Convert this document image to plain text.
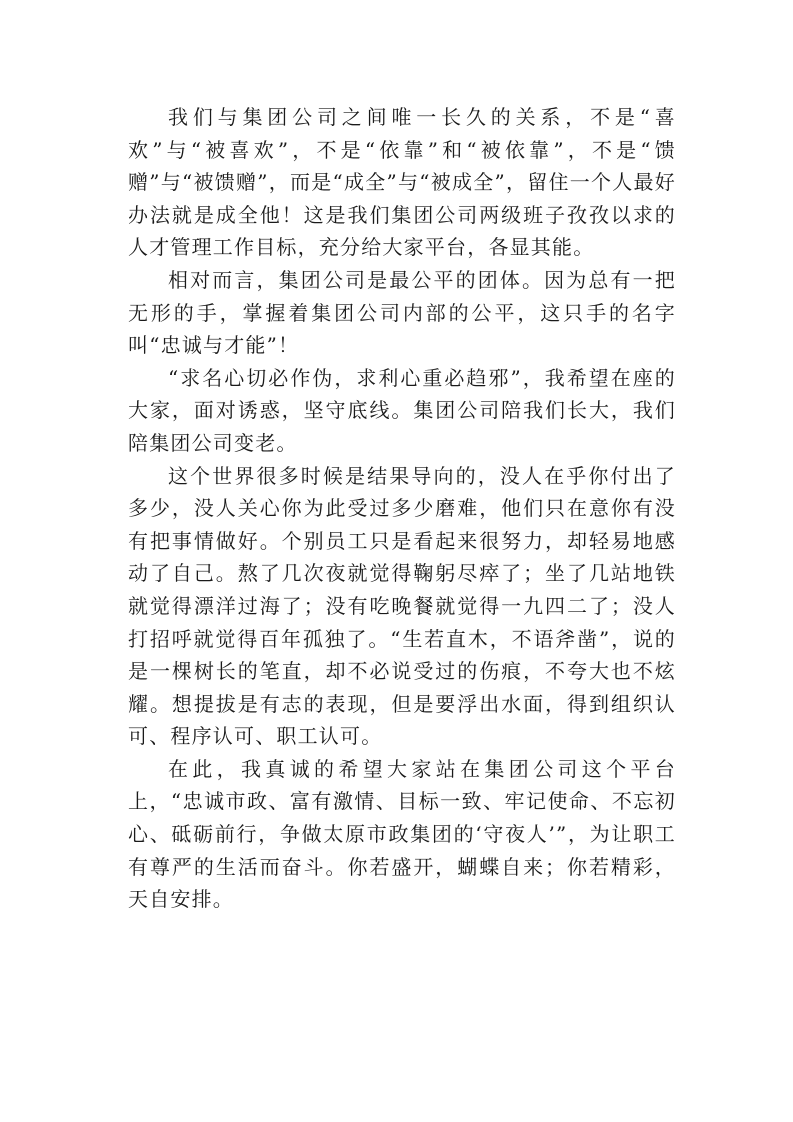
我们与集团公司之间唯一长久的关系，不是“喜欢”与“被喜欢”，不是“依靠”和“被依靠”，不是“馈赠”与“被馈赠”，而是“成全”与“被成全”，留住一个人最好办法就是成全他！这是我们集团公司两级班子孜孜以求的人才管理工作目标，充分给大家平台，各显其能。

相对而言，集团公司是最公平的团体。因为总有一把无形的手，掌握着集团公司内部的公平，这只手的名字叫“忠诚与才能”！

“求名心切必作伪，求利心重必趋邪”，我希望在座的大家，面对诱惑，坚守底线。集团公司陪我们长大，我们陪集团公司变老。

这个世界很多时候是结果导向的，没人在乎你付出了多少，没人关心你为此受过多少磨难，他们只在意你有没有把事情做好。个别员工只是看起来很努力，却轻易地感动了自己。熬了几次夜就觉得鞠躬尽瘁了；坐了几站地铁就觉得漂洋过海了；没有吃晚餐就觉得一九四二了；没人打招呼就觉得百年孤独了。“生若直木，不语斧凿”，说的是一棵树长的笔直，却不必说受过的伤痕，不夸大也不炫耀。想提拔是有志的表现，但是要浮出水面，得到组织认可、程序认可、职工认可。

在此，我真诚的希望大家站在集团公司这个平台上，“忠诚市政、富有激情、目标一致、牢记使命、不忘初心、砥砺前行，争做太原市政集团的‘守夜人’”，为让职工有尊严的生活而奋斗。你若盛开，蝴蝶自来；你若精彩，天自安排。
